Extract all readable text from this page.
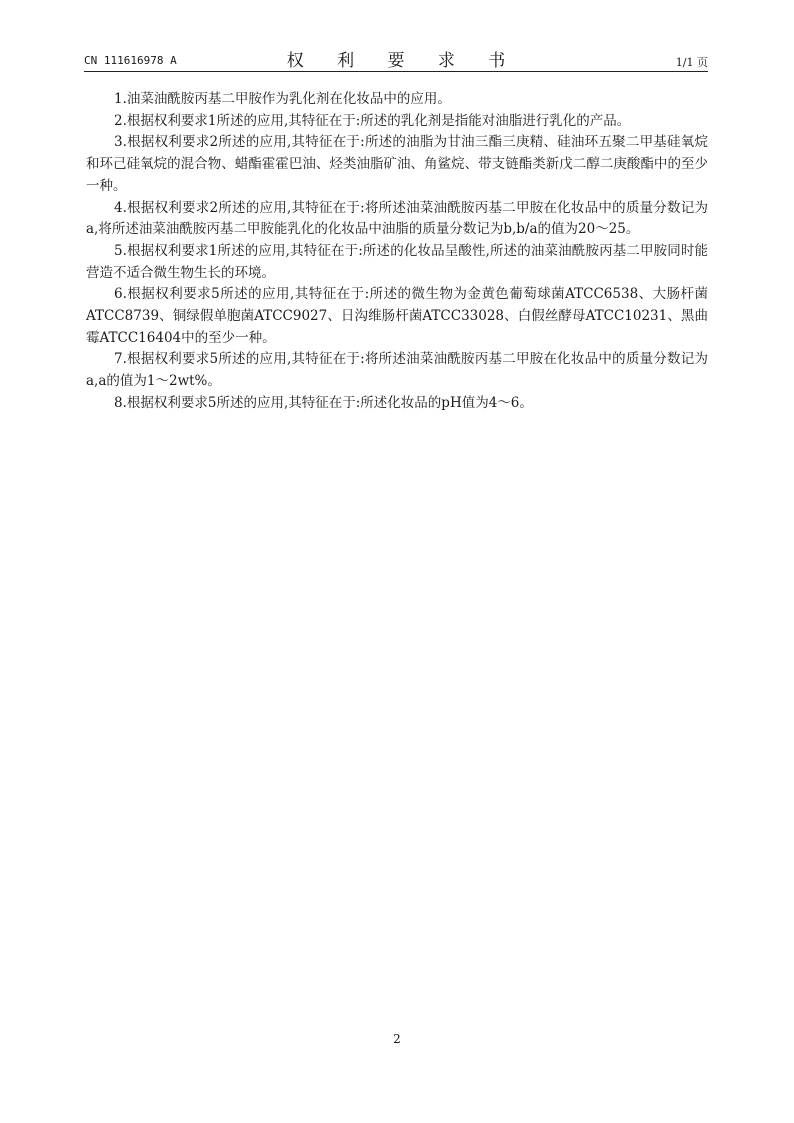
CN 111616978 A	权 利 要 求 书	1/1 页

1.油菜油酰胺丙基二甲胺作为乳化剂在化妆品中的应用。

2.根据权利要求1所述的应用,其特征在于:所述的乳化剂是指能对油脂进行乳化的产品。

3.根据权利要求2所述的应用,其特征在于:所述的油脂为甘油三酯三庚精、硅油环五聚二甲基硅氧烷和环己硅氧烷的混合物、蜡酯霍霍巴油、烃类油脂矿油、角鲨烷、带支链酯类新戊二醇二庚酸酯中的至少一种。

4.根据权利要求2所述的应用,其特征在于:将所述油菜油酰胺丙基二甲胺在化妆品中的质量分数记为a,将所述油菜油酰胺丙基二甲胺能乳化的化妆品中油脂的质量分数记为b,b/a的值为20～25。

5.根据权利要求1所述的应用,其特征在于:所述的化妆品呈酸性,所述的油菜油酰胺丙基二甲胺同时能营造不适合微生物生长的环境。

6.根据权利要求5所述的应用,其特征在于:所述的微生物为金黄色葡萄球菌ATCC6538、大肠杆菌ATCC8739、铜绿假单胞菌ATCC9027、日沟维肠杆菌ATCC33028、白假丝酵母ATCC10231、黑曲霉ATCC16404中的至少一种。

7.根据权利要求5所述的应用,其特征在于:将所述油菜油酰胺丙基二甲胺在化妆品中的质量分数记为a,a的值为1～2wt%。

8.根据权利要求5所述的应用,其特征在于:所述化妆品的pH值为4～6。

2
